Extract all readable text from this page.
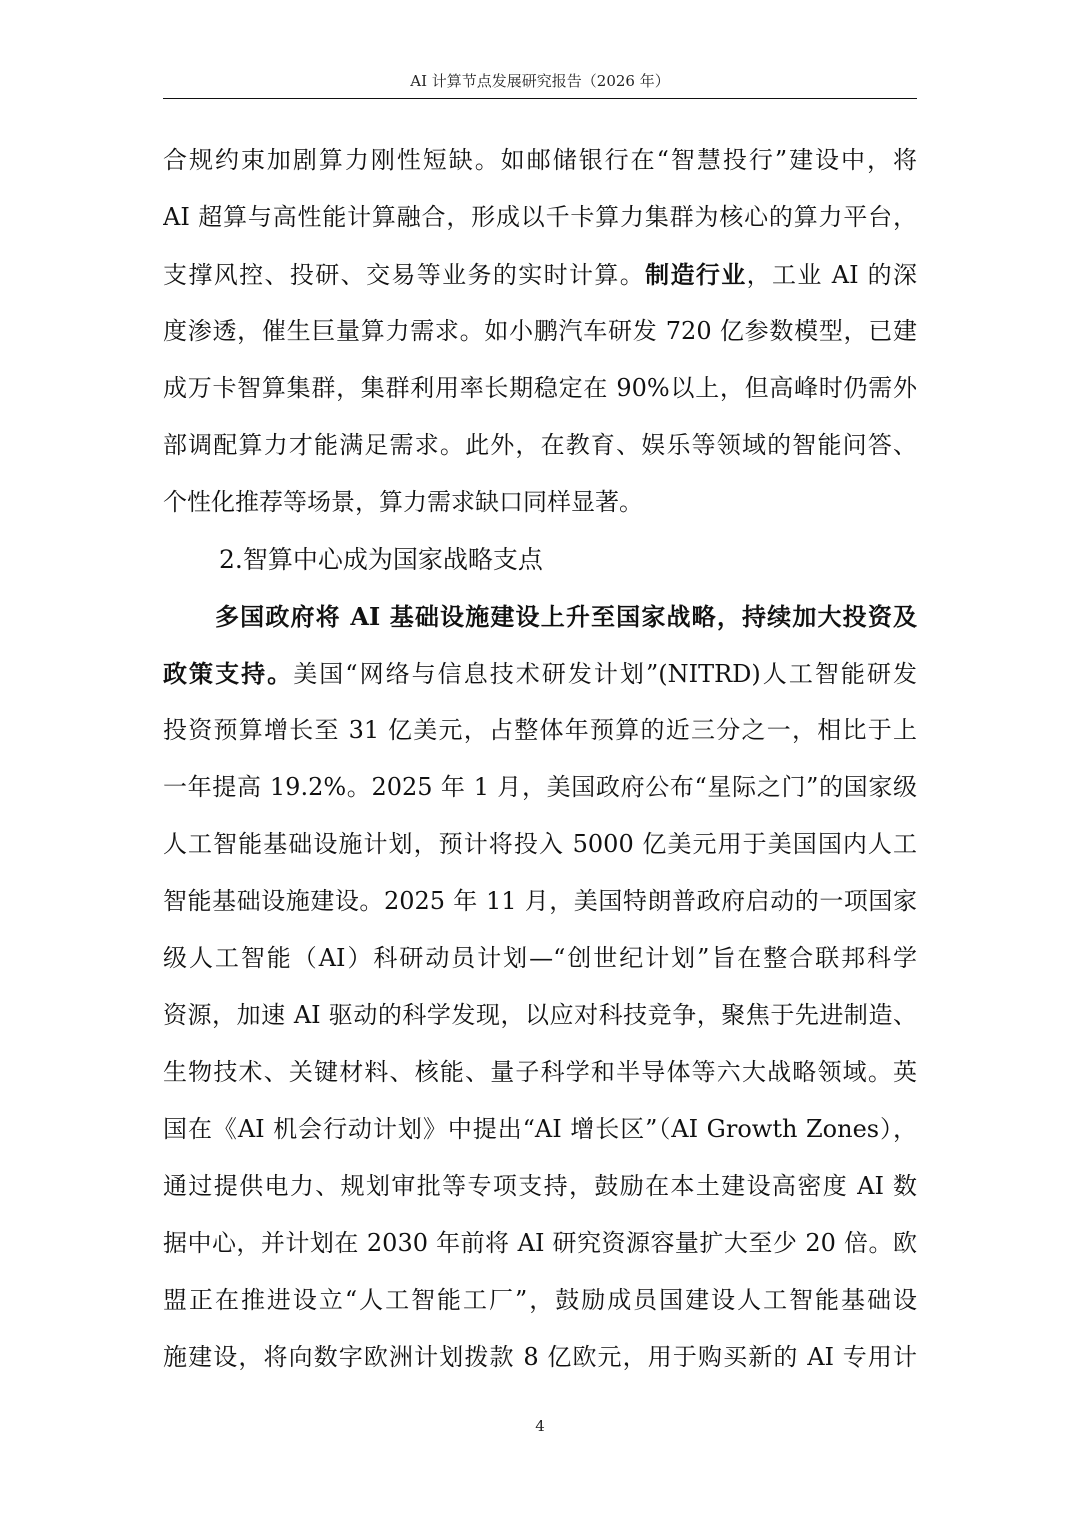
AI 计算节点发展研究报告（2026 年）
合规约束加剧算力刚性短缺。如邮储银行在“智慧投行”建设中，将
AI 超算与高性能计算融合，形成以千卡算力集群为核心的算力平台，
支撑风控、投研、交易等业务的实时计算。制造行业，工业 AI 的深
度渗透，催生巨量算力需求。如小鹏汽车研发 720 亿参数模型，已建
成万卡智算集群，集群利用率长期稳定在 90%以上，但高峰时仍需外
部调配算力才能满足需求。此外，在教育、娱乐等领域的智能问答、
个性化推荐等场景，算力需求缺口同样显著。
2.智算中心成为国家战略支点
多国政府将 AI 基础设施建设上升至国家战略，持续加大投资及
政策支持。美国“网络与信息技术研发计划”(NITRD)人工智能研发
投资预算增长至 31 亿美元，占整体年预算的近三分之一，相比于上
一年提高 19.2%。2025 年 1 月，美国政府公布“星际之门”的国家级
人工智能基础设施计划，预计将投入 5000 亿美元用于美国国内人工
智能基础设施建设。2025 年 11 月，美国特朗普政府启动的一项国家
级人工智能（AI）科研动员计划—“创世纪计划”旨在整合联邦科学
资源，加速 AI 驱动的科学发现，以应对科技竞争，聚焦于先进制造、
生物技术、关键材料、核能、量子科学和半导体等六大战略领域。英
国在《AI 机会行动计划》中提出“AI 增长区”（AI Growth Zones），
通过提供电力、规划审批等专项支持，鼓励在本土建设高密度 AI 数
据中心，并计划在 2030 年前将 AI 研究资源容量扩大至少 20 倍。欧
盟正在推进设立“人工智能工厂”，鼓励成员国建设人工智能基础设
施建设，将向数字欧洲计划拨款 8 亿欧元，用于购买新的 AI 专用计
4
